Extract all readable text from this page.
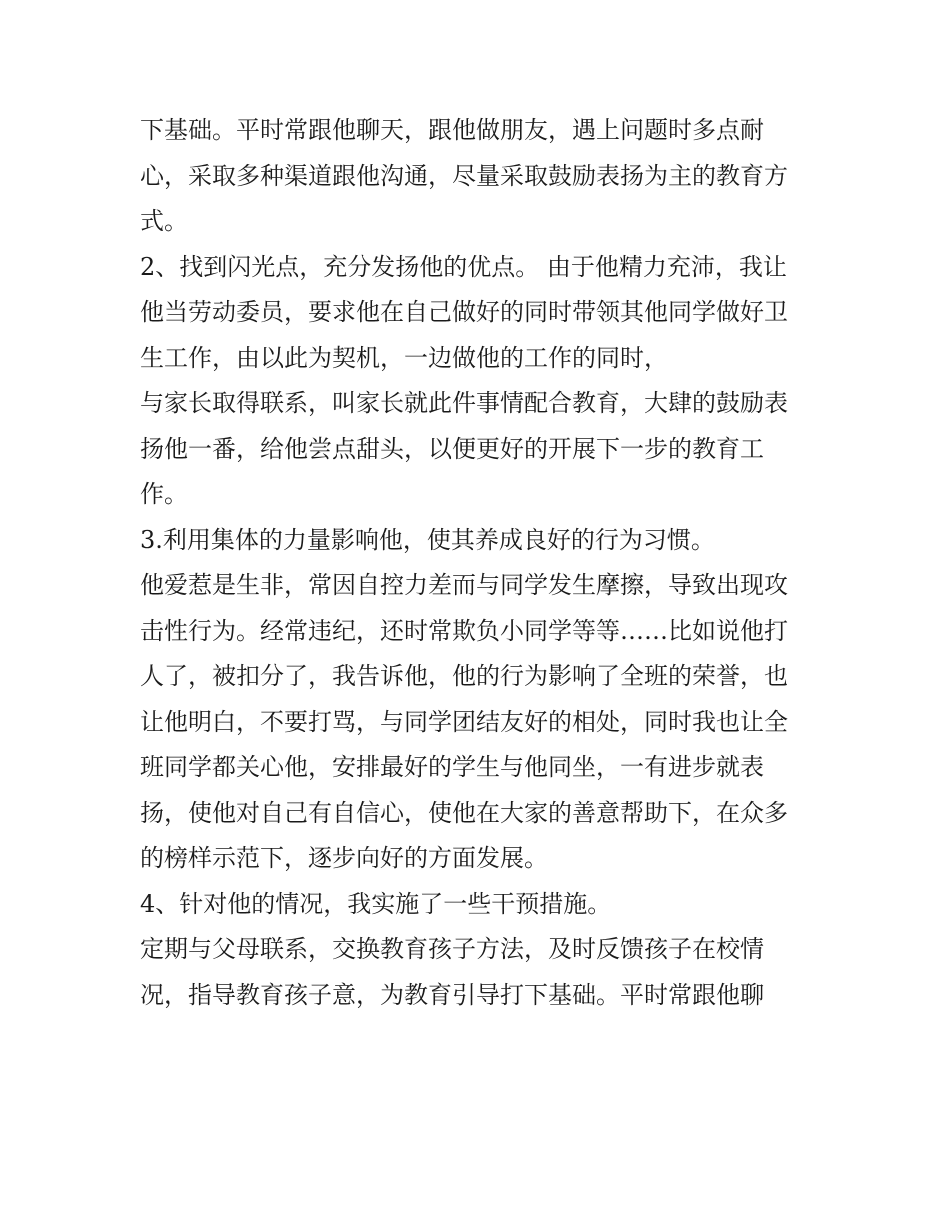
下基础。平时常跟他聊天，跟他做朋友，遇上问题时多点耐
心，采取多种渠道跟他沟通，尽量采取鼓励表扬为主的教育方
式。
2、找到闪光点，充分发扬他的优点。 由于他精力充沛，我让
他当劳动委员，要求他在自己做好的同时带领其他同学做好卫
生工作，由以此为契机，一边做他的工作的同时，
与家长取得联系，叫家长就此件事情配合教育，大肆的鼓励表
扬他一番，给他尝点甜头，以便更好的开展下一步的教育工
作。
3.利用集体的力量影响他，使其养成良好的行为习惯。
他爱惹是生非，常因自控力差而与同学发生摩擦，导致出现攻
击性行为。经常违纪，还时常欺负小同学等等……比如说他打
人了，被扣分了，我告诉他，他的行为影响了全班的荣誉，也
让他明白，不要打骂，与同学团结友好的相处，同时我也让全
班同学都关心他，安排最好的学生与他同坐，一有进步就表
扬，使他对自己有自信心，使他在大家的善意帮助下，在众多
的榜样示范下，逐步向好的方面发展。
4、针对他的情况，我实施了一些干预措施。
定期与父母联系，交换教育孩子方法，及时反馈孩子在校情
况，指导教育孩子意，为教育引导打下基础。平时常跟他聊
